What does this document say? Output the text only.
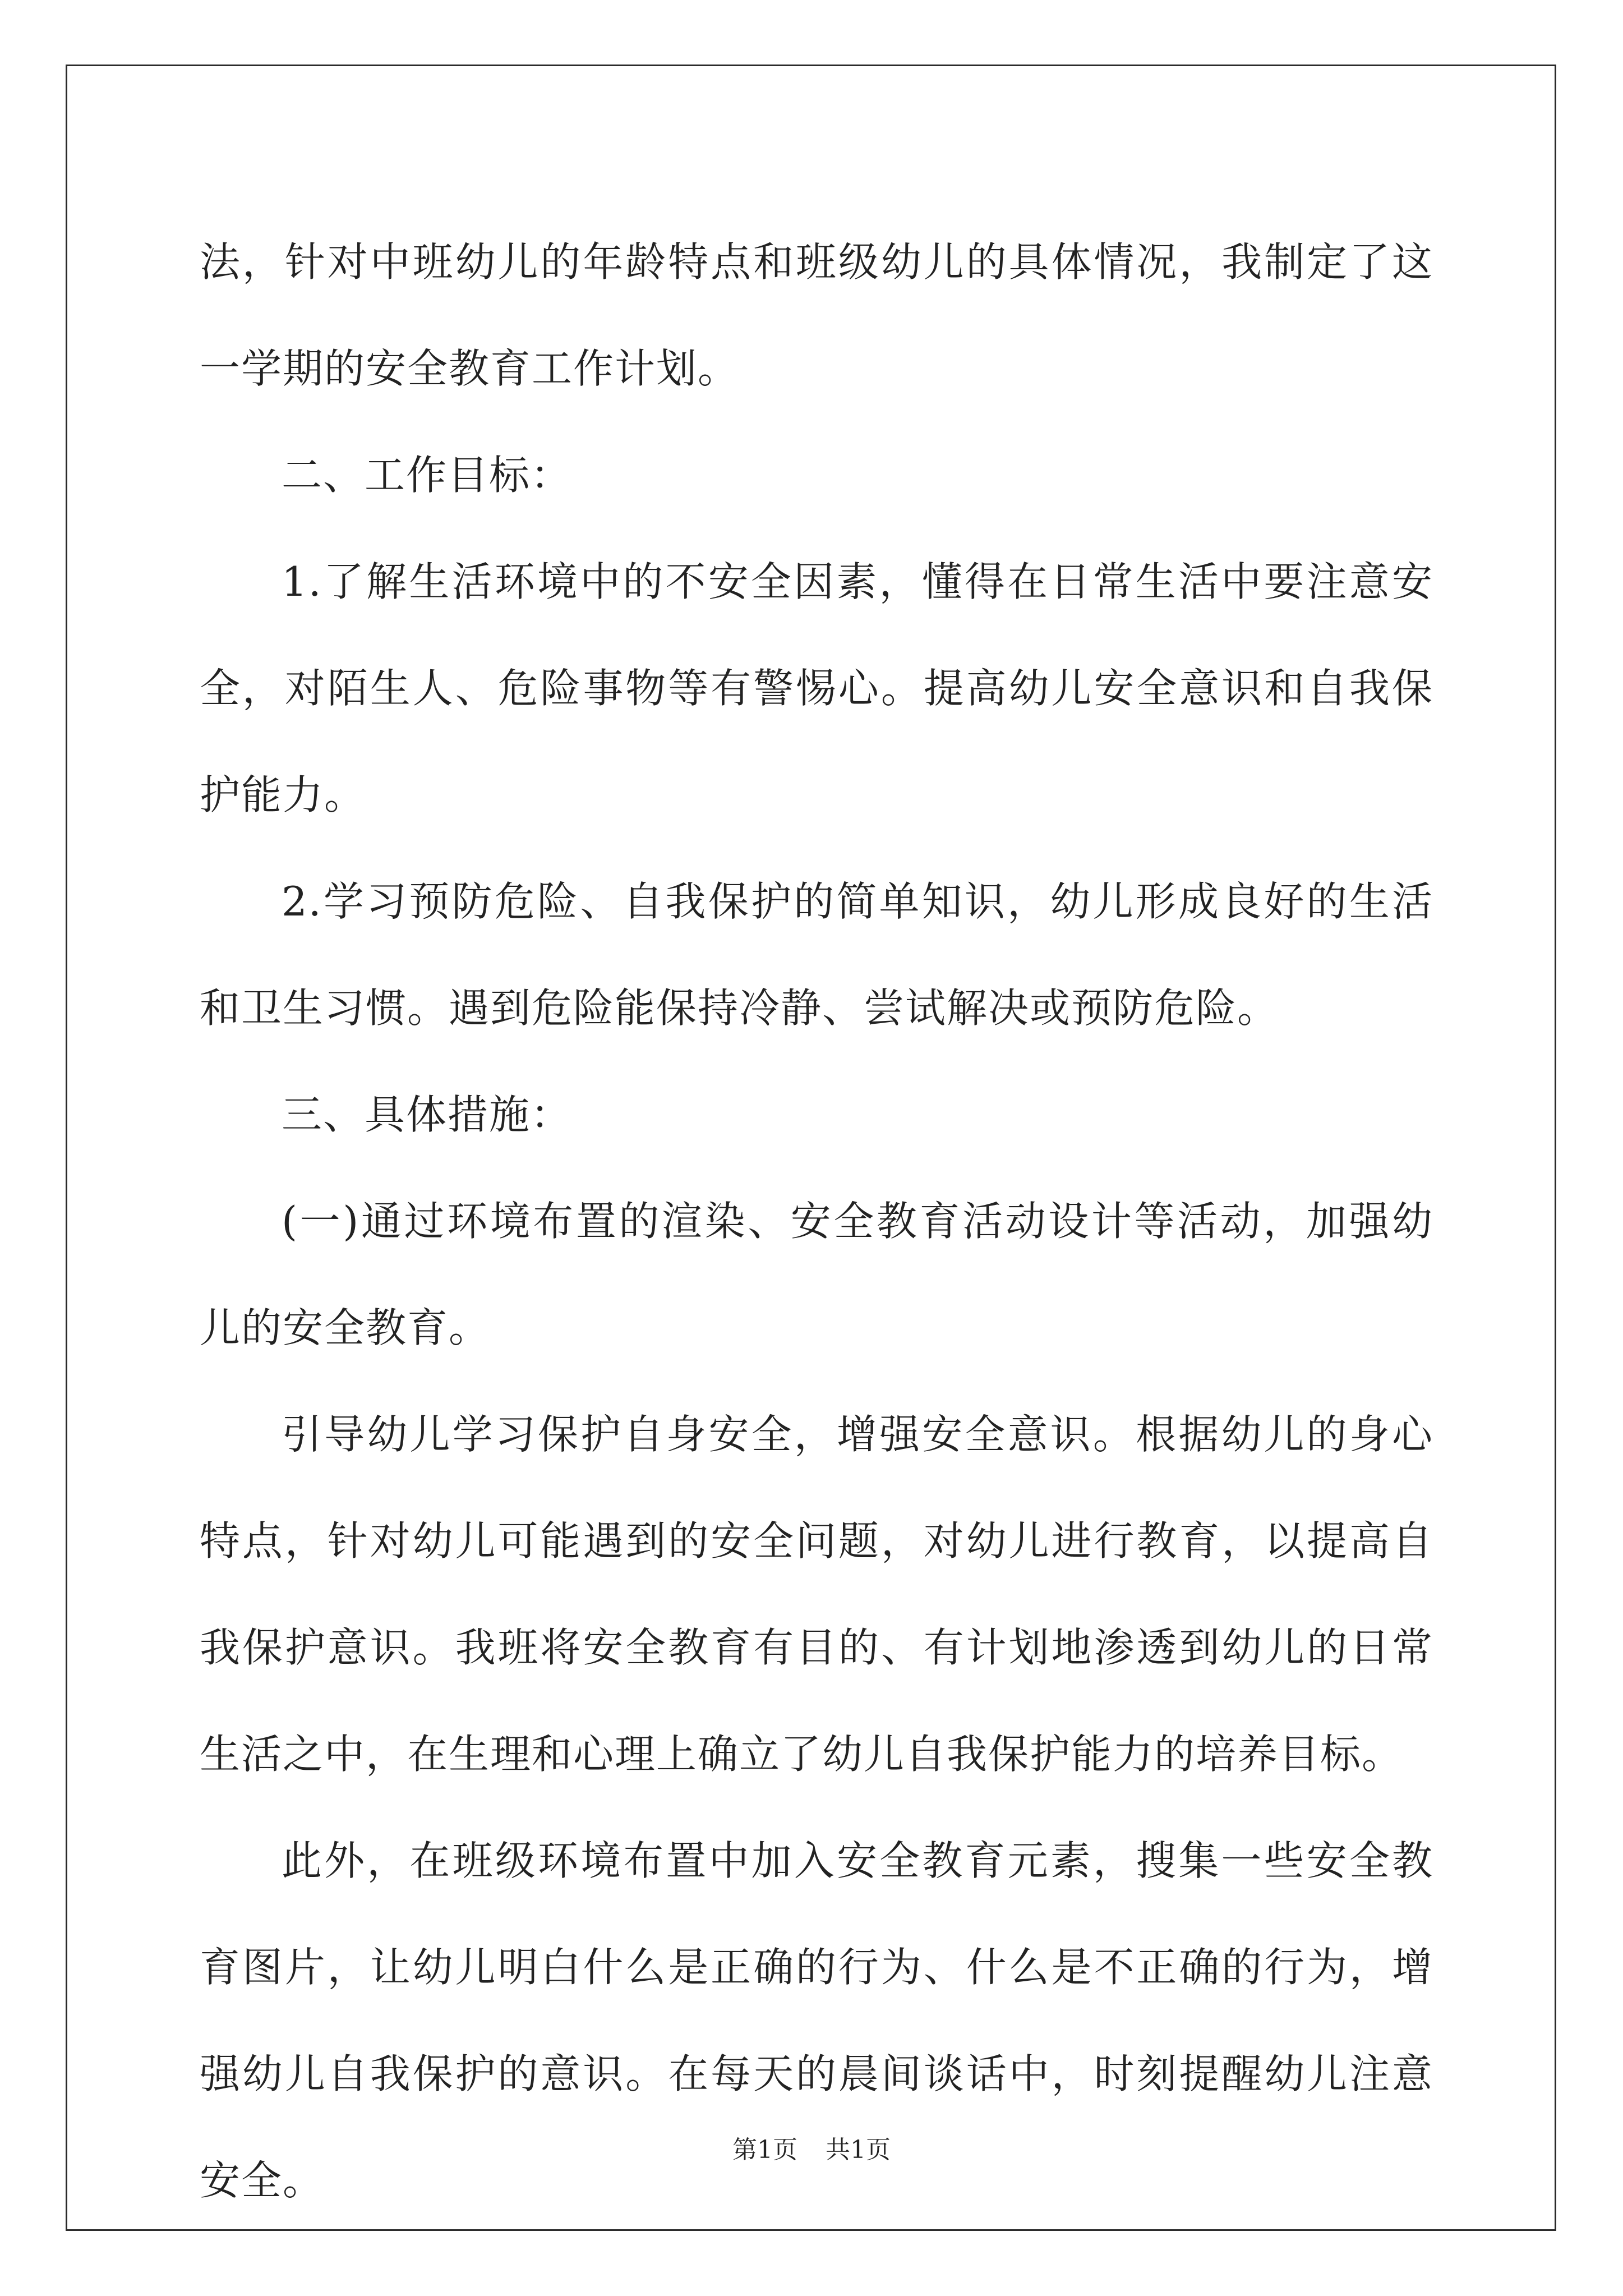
法，针对中班幼儿的年龄特点和班级幼儿的具体情况，我制定了这一学期的安全教育工作计划。

二、工作目标：

1.了解生活环境中的不安全因素，懂得在日常生活中要注意安全，对陌生人、危险事物等有警惕心。提高幼儿安全意识和自我保护能力。

2.学习预防危险、自我保护的简单知识，幼儿形成良好的生活和卫生习惯。遇到危险能保持冷静、尝试解决或预防危险。

三、具体措施：

(一)通过环境布置的渲染、安全教育活动设计等活动，加强幼儿的安全教育。

引导幼儿学习保护自身安全，增强安全意识。根据幼儿的身心特点，针对幼儿可能遇到的安全问题，对幼儿进行教育，以提高自我保护意识。我班将安全教育有目的、有计划地渗透到幼儿的日常生活之中，在生理和心理上确立了幼儿自我保护能力的培养目标。

此外，在班级环境布置中加入安全教育元素，搜集一些安全教育图片，让幼儿明白什么是正确的行为、什么是不正确的行为，增强幼儿自我保护的意识。在每天的晨间谈话中，时刻提醒幼儿注意安全。

第1页 共1页
